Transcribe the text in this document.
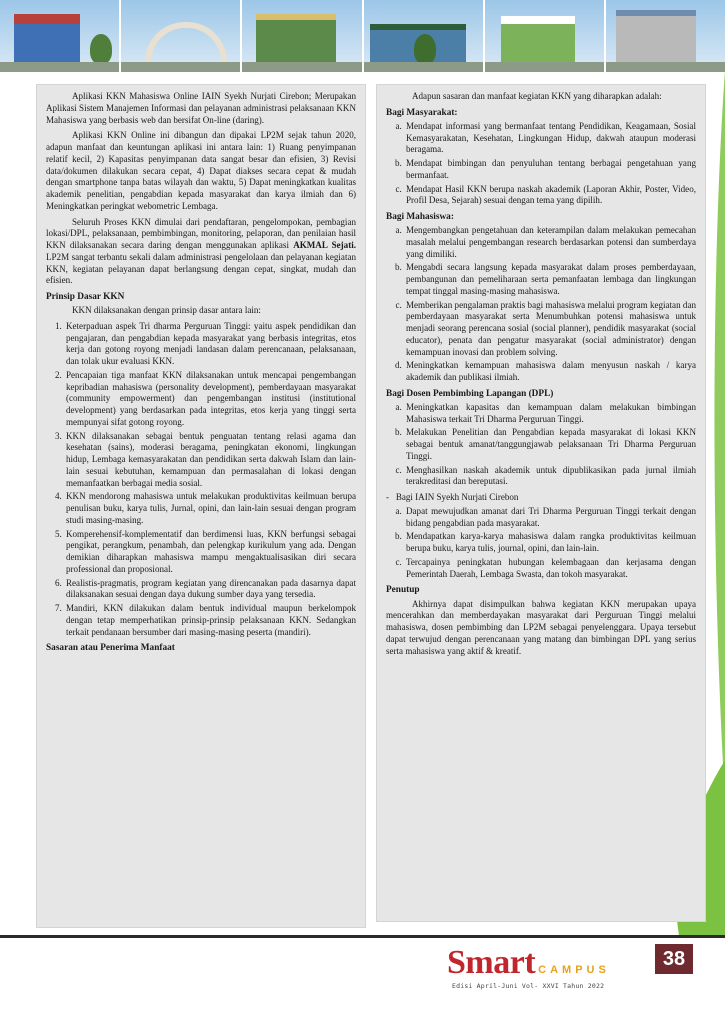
Aplikasi KKN Mahasiswa Online IAIN Syekh Nurjati Cirebon; Merupakan Aplikasi Sistem Manajemen Informasi dan pelayanan administrasi pelaksanaan KKN Mahasiswa yang berbasis web dan bersifat On-line (daring).

Aplikasi KKN Online ini dibangun dan dipakai LP2M sejak tahun 2020, adapun manfaat dan keuntungan aplikasi ini antara lain: 1) Ruang penyimpanan relatif kecil, 2) Kapasitas penyimpanan data sangat besar dan efisien, 3) Revisi data/dokumen dilakukan secara cepat, 4) Dapat diakses secara cepat & mudah dengan smartphone tanpa batas wilayah dan waktu, 5) Dapat meningkatkan kualitas akademik penelitian, pengabdian kepada masyarakat dan karya ilmiah dan 6) Meningkatkan peringkat webometric Lembaga.

Seluruh Proses KKN dimulai dari pendaftaran, pengelompokan, pembagian lokasi/DPL, pelaksanaan, pembimbingan, monitoring, pelaporan, dan penilaian hasil KKN dilaksanakan secara daring dengan menggunakan aplikasi AKMAL Sejati. LP2M sangat terbantu sekali dalam administrasi pengelolaan dan pelayanan kegiatan KKN, kegiatan pelayanan dapat berlangsung dengan cepat, singkat, mudah dan efisien.

Prinsip Dasar KKN

KKN dilaksanakan dengan prinsip dasar antara lain:

1. Keterpaduan aspek Tri dharma Perguruan Tinggi: yaitu aspek pendidikan dan pengajaran, dan pengabdian kepada masyarakat yang berbasis integritas, etos kerja dan gotong royong menjadi landasan dalam perencanaan, pelaksanaan, dan tolak ukur evaluasi KKN.
2. Pencapaian tiga manfaat KKN dilaksanakan untuk mencapai pengembangan kepribadian mahasiswa (personality development), pemberdayaan masyarakat (community empowerment) dan pengembangan institusi (institutional development) yang berdasarkan pada integritas, etos kerja yang tinggi serta mempunyai sifat gotong royong.
3. KKN dilaksanakan sebagai bentuk penguatan tentang relasi agama dan kesehatan (sains), moderasi beragama, peningkatan ekonomi, lingkungan hidup, Lembaga kemasyarakatan dan pendidikan serta dakwah Islam dan lain-lain sesuai kebutuhan, kemampuan dan permasalahan di lokasi dengan memanfaatkan berbagai media sosial.
4. KKN mendorong mahasiswa untuk melakukan produktivitas keilmuan berupa penulisan buku, karya tulis, Jurnal, opini, dan lain-lain sesuai dengan program studi masing-masing.
5. Komperehensif-komplementatif dan berdimensi luas, KKN berfungsi sebagai pengikat, perangkum, penambah, dan pelengkap kurikulum yang ada. Dengan demikian diharapkan mahasiswa mampu mengaktualisasikan diri secara professional dan proposional.
6. Realistis-pragmatis, program kegiatan yang direncanakan pada dasarnya dapat dilaksanakan sesuai dengan daya dukung sumber daya yang tersedia.
7. Mandiri, KKN dilakukan dalam bentuk individual maupun berkelompok dengan tetap memperhatikan prinsip-prinsip pelaksanaan KKN. Sedangkan terkait pendanaan bersumber dari masing-masing peserta (mandiri).
Sasaran atau Penerima Manfaat

Adapun sasaran dan manfaat kegiatan KKN yang diharapkan adalah:

Bagi Masyarakat:
a. Mendapat informasi yang bermanfaat tentang Pendidikan, Keagamaan, Sosial Kemasyarakatan, Kesehatan, Lingkungan Hidup, dakwah ataupun moderasi beragama.
b. Mendapat bimbingan dan penyuluhan tentang berbagai pengetahuan yang bermanfaat.
c. Mendapat Hasil KKN berupa naskah akademik (Laporan Akhir, Poster, Video, Profil Desa, Sejarah) sesuai dengan tema yang dipilih.
Bagi Mahasiswa:
a. Mengembangkan pengetahuan dan keterampilan dalam melakukan pemecahan masalah melalui pengembangan research berdasarkan potensi dan sumberdaya yang dimiliki.
b. Mengabdi secara langsung kepada masyarakat dalam proses pemberdayaan, pembangunan dan pemeliharaan serta pemanfaatan lembaga dan lingkungan tempat tinggal masing-masing mahasiswa.
c. Memberikan pengalaman praktis bagi mahasiswa melalui program kegiatan dan pemberdayaan masyarakat serta Menumbuhkan potensi mahasiswa untuk menjadi seorang perencana sosial (social planner), pendidik masyarakat (social educator), penata dan pengatur masyarakat (social administrator) dengan kemampuan inovasi dan problem solving.
d. Meningkatkan kemampuan mahasiswa dalam menyusun naskah / karya akademik dan publikasi ilmiah.
Bagi Dosen Pembimbing Lapangan (DPL)
a. Meningkatkan kapasitas dan kemampuan dalam melakukan bimbingan Mahasiswa terkait Tri Dharma Perguruan Tinggi.
b. Melakukan Penelitian dan Pengabdian kepada masyarakat di lokasi KKN sebagai bentuk amanat/tanggungjawab pelaksanaan Tri Dharma Perguruan Tinggi.
c. Menghasilkan naskah akademik untuk dipublikasikan pada jurnal ilmiah terakreditasi dan bereputasi.

-   Bagi IAIN Syekh Nurjati Cirebon

a. Dapat mewujudkan amanat dari Tri Dharma Perguruan Tinggi terkait dengan bidang pengabdian pada masyarakat.
b. Mendapatkan karya-karya mahasiswa dalam rangka produktivitas keilmuan berupa buku, karya tulis, journal, opini, dan lain-lain.
c. Tercapainya peningkatan hubungan kelembagaan dan kerjasama dengan Pemerintah Daerah, Lembaga Swasta, dan tokoh masyarakat.
Penutup

Akhirnya dapat disimpulkan bahwa kegiatan KKN merupakan upaya mencerahkan dan memberdayakan masyarakat dari Perguruan Tinggi melalui mahasiswa, dosen pembimbing dan LP2M sebagai penyelenggara. Upaya tersebut dapat terwujud dengan perencanaan yang matang dan bimbingan DPL yang serius serta mahasiswa yang aktif & kreatif.

Smart CAMPUS
38
Edisi April-Juni Vol- XXVI Tahun 2022
